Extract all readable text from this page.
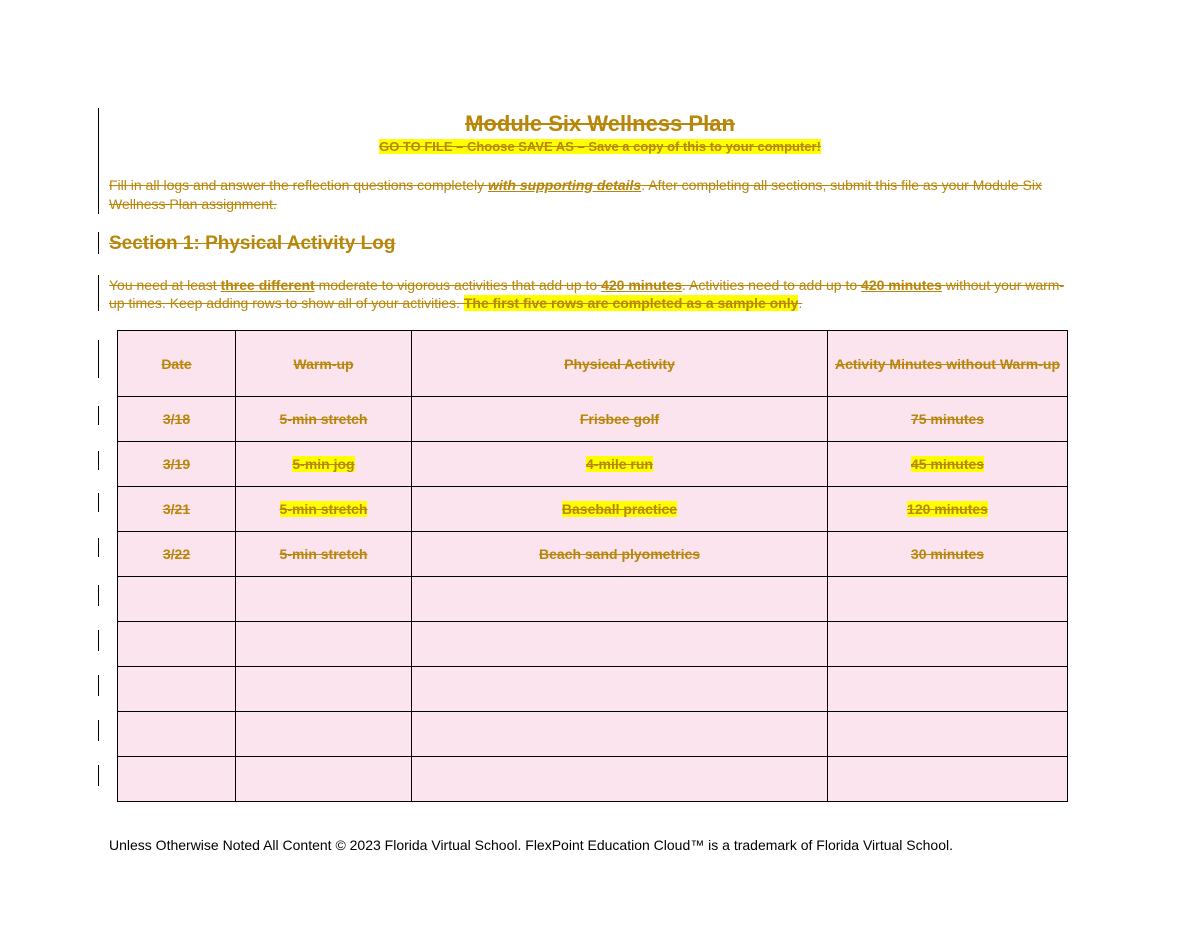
Module Six Wellness Plan
GO TO FILE – Choose SAVE AS – Save a copy of this to your computer!
Fill in all logs and answer the reflection questions completely with supporting details. After completing all sections, submit this file as your Module Six Wellness Plan assignment.
Section 1: Physical Activity Log
You need at least three different moderate to vigorous activities that add up to 420 minutes. Activities need to add up to 420 minutes without your warm-up times. Keep adding rows to show all of your activities. The first five rows are completed as a sample only.
Date	Warm-up	Physical Activity	Activity Minutes without Warm-up
3/18	5-min stretch	Frisbee golf	75 minutes
3/19	5-min jog	4-mile run	45 minutes
3/21	5-min stretch	Baseball practice	120 minutes
3/22	5-min stretch	Beach sand plyometrics	30 minutes

Unless Otherwise Noted All Content © 2023 Florida Virtual School. FlexPoint Education Cloud™ is a trademark of Florida Virtual School.
